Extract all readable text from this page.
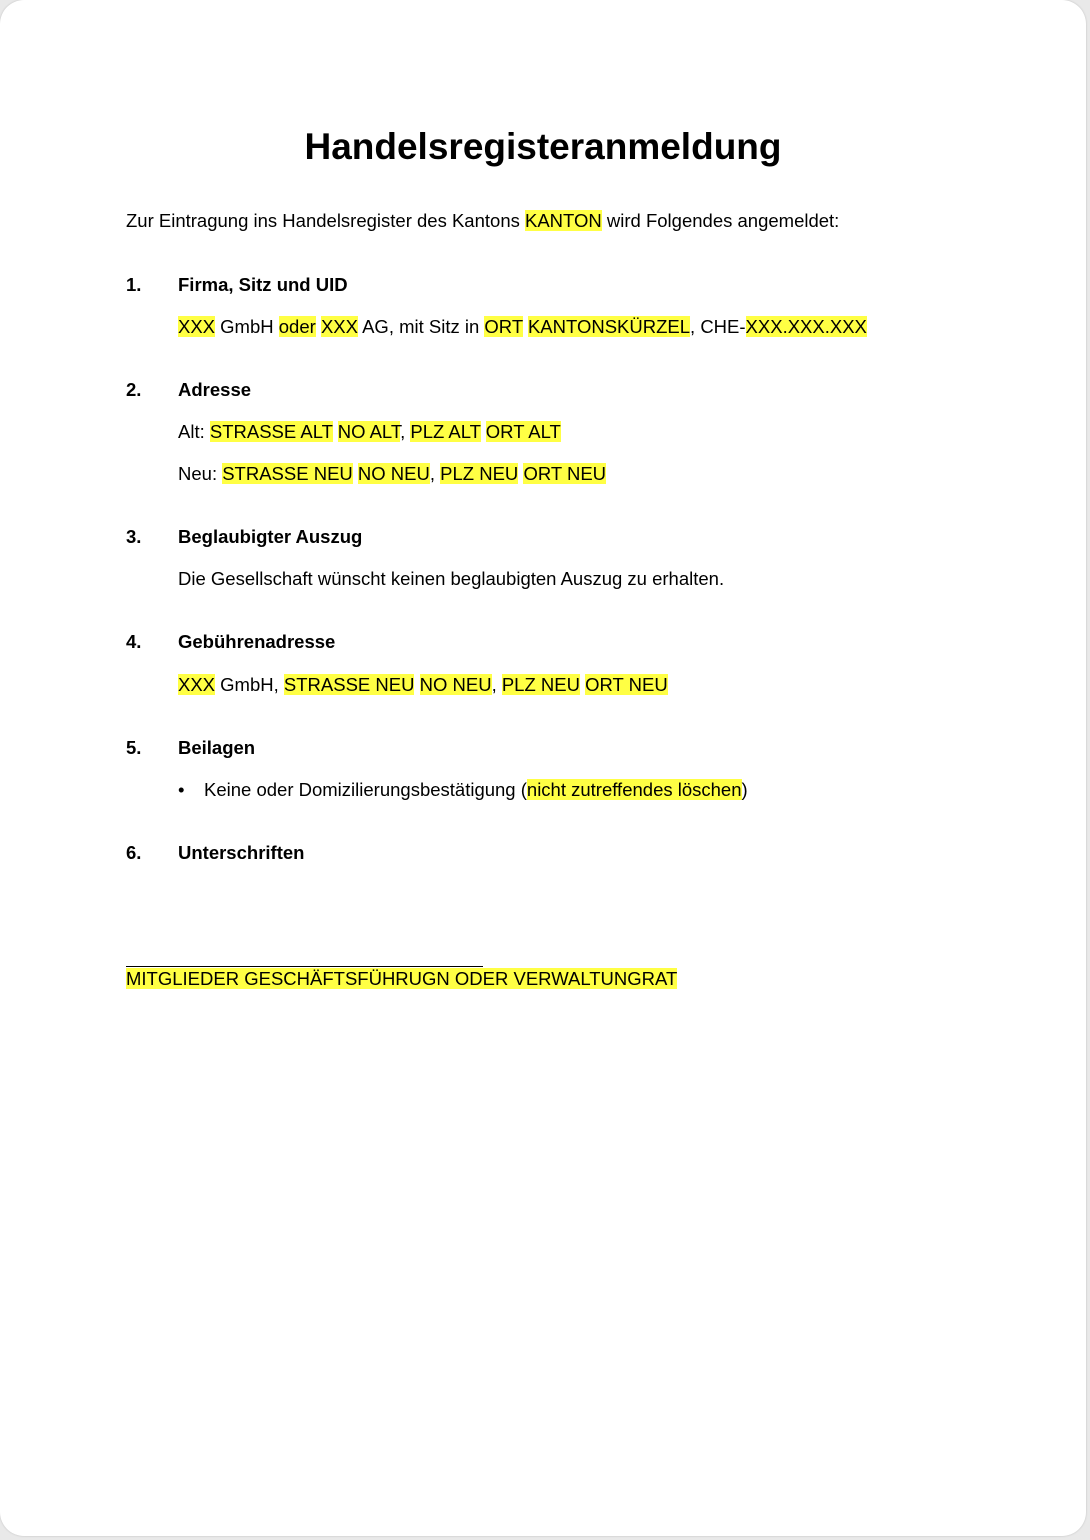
Handelsregisteranmeldung
Zur Eintragung ins Handelsregister des Kantons KANTON wird Folgendes angemeldet:
1. Firma, Sitz und UID
XXX GmbH oder XXX AG, mit Sitz in ORT KANTONSKÜRZEL, CHE-XXX.XXX.XXX
2. Adresse
Alt: STRASSE ALT NO ALT, PLZ ALT ORT ALT
Neu: STRASSE NEU NO NEU, PLZ NEU ORT NEU
3. Beglaubigter Auszug
Die Gesellschaft wünscht keinen beglaubigten Auszug zu erhalten.
4. Gebührenadresse
XXX GmbH, STRASSE NEU NO NEU, PLZ NEU ORT NEU
5. Beilagen
• Keine oder Domizilierungsbestätigung (nicht zutreffendes löschen)
6. Unterschriften
MITGLIEDER GESCHÄFTSFÜHRUGN ODER VERWALTUNGRAT
